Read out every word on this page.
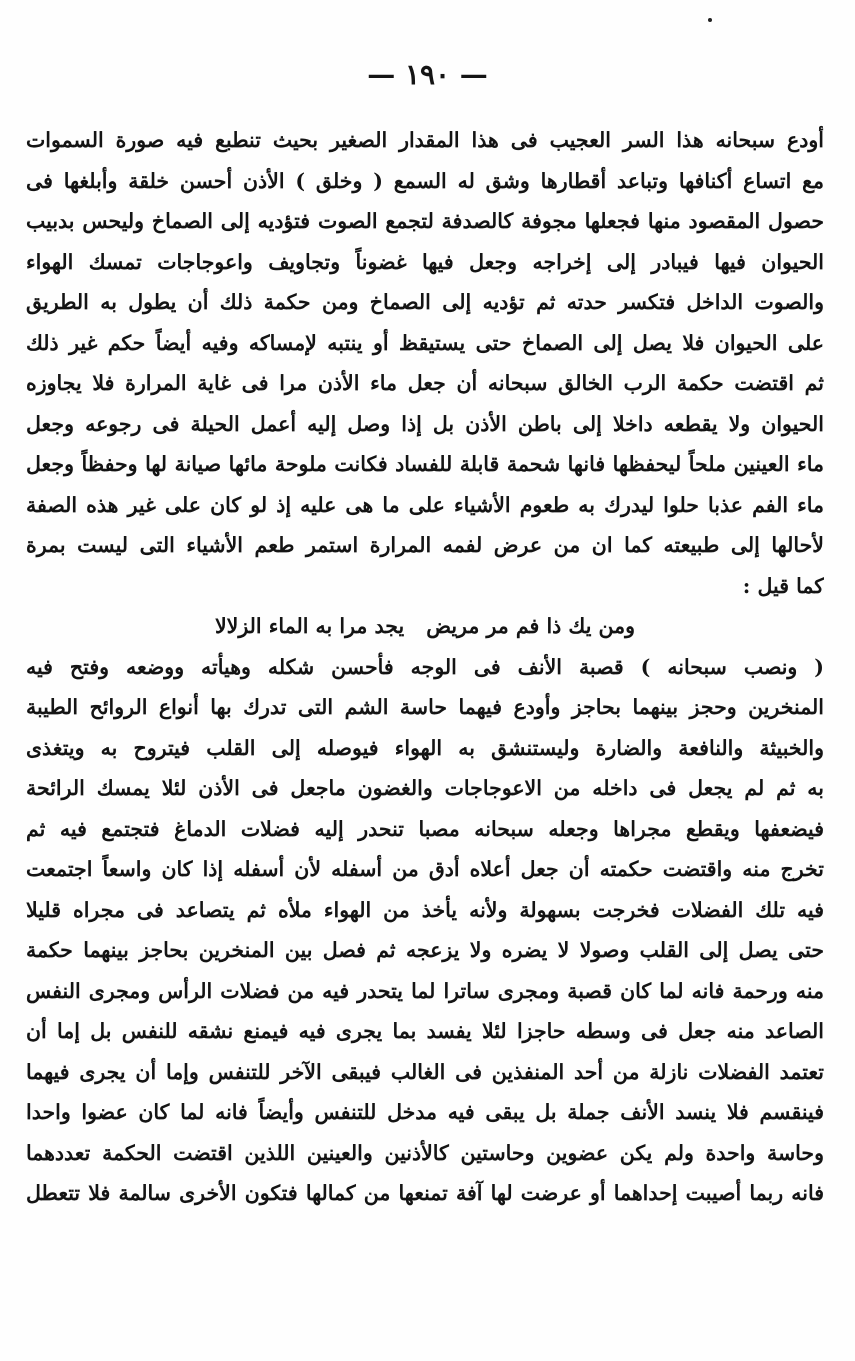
— ١٩٠ —
أودع سبحانه هذا السر العجيب فى هذا المقدار الصغير بحيث تنطبع فيه صورة السموات
مع اتساع أكنافها وتباعد أقطارها وشق له السمع ( وخلق ) الأذن أحسن خلقة وأبلغها فى
حصول المقصود منها فجعلها مجوفة كالصدفة لتجمع الصوت فتؤديه إلى الصماخ وليحس بدبيب
الحيوان فيها فيبادر إلى إخراجه وجعل فيها غضوناً وتجاويف واعوجاجات تمسك الهواء
والصوت الداخل فتكسر حدته ثم تؤديه إلى الصماخ ومن حكمة ذلك أن يطول به الطريق
على الحيوان فلا يصل إلى الصماخ حتى يستيقظ أو ينتبه لإمساكه وفيه أيضاً حكم غير ذلك
ثم اقتضت حكمة الرب الخالق سبحانه أن جعل ماء الأذن مرا فى غاية المرارة فلا يجاوزه
الحيوان ولا يقطعه داخلا إلى باطن الأذن بل إذا وصل إليه أعمل الحيلة فى رجوعه وجعل
ماء العينين ملحاً ليحفظها فانها شحمة قابلة للفساد فكانت ملوحة مائها صيانة لها وحفظاً وجعل
ماء الفم عذبا حلوا ليدرك به طعوم الأشياء على ما هى عليه إذ لو كان على غير هذه الصفة
لأحالها إلى طبيعته كما ان من عرض لفمه المرارة استمر طعم الأشياء التى ليست بمرة
كما قيل :
ومن يك ذا فم مر مريضيجد مرا به الماء الزلالا
( ونصب سبحانه ) قصبة الأنف فى الوجه فأحسن شكله وهيأته ووضعه وفتح فيه
المنخرين وحجز بينهما بحاجز وأودع فيهما حاسة الشم التى تدرك بها أنواع الروائح الطيبة
والخبيثة والنافعة والضارة وليستنشق به الهواء فيوصله إلى القلب فيتروح به ويتغذى
به ثم لم يجعل فى داخله من الاعوجاجات والغضون ماجعل فى الأذن لئلا يمسك الرائحة
فيضعفها ويقطع مجراها وجعله سبحانه مصبا تنحدر إليه فضلات الدماغ فتجتمع فيه ثم
تخرج منه واقتضت حكمته أن جعل أعلاه أدق من أسفله لأن أسفله إذا كان واسعاً اجتمعت
فيه تلك الفضلات فخرجت بسهولة ولأنه يأخذ من الهواء ملأه ثم يتصاعد فى مجراه قليلا
حتى يصل إلى القلب وصولا لا يضره ولا يزعجه ثم فصل بين المنخرين بحاجز بينهما حكمة
منه ورحمة فانه لما كان قصبة ومجرى ساترا لما يتحدر فيه من فضلات الرأس ومجرى النفس
الصاعد منه جعل فى وسطه حاجزا لئلا يفسد بما يجرى فيه فيمنع نشقه للنفس بل إما أن
تعتمد الفضلات نازلة من أحد المنفذين فى الغالب فيبقى الآخر للتنفس وإما أن يجرى فيهما
فينقسم فلا ينسد الأنف جملة بل يبقى فيه مدخل للتنفس وأيضاً فانه لما كان عضوا واحدا
وحاسة واحدة ولم يكن عضوين وحاستين كالأذنين والعينين اللذين اقتضت الحكمة تعددهما
فانه ربما أصيبت إحداهما أو عرضت لها آفة تمنعها من كمالها فتكون الأخرى سالمة فلا تتعطل
